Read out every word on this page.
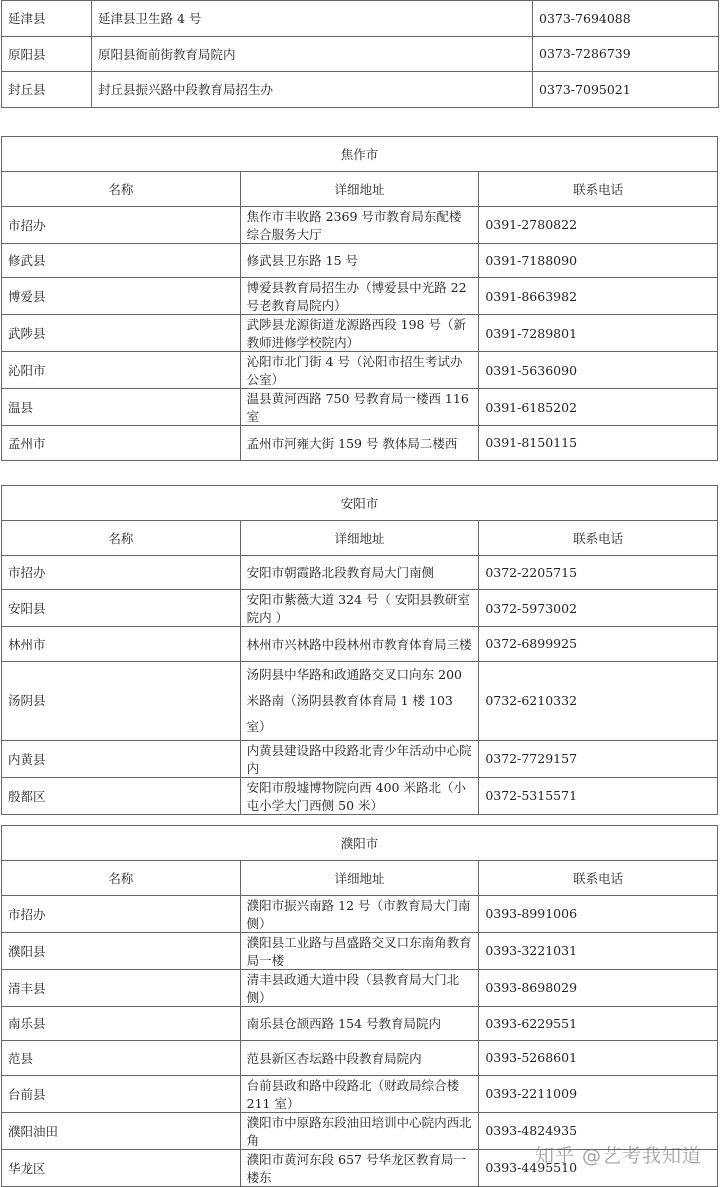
延津县	延津县卫生路 4 号	0373-7694088
原阳县	原阳县衙前街教育局院内	0373-7286739
封丘县	封丘县振兴路中段教育局招生办	0373-7095021
焦作市		
名称	详细地址	联系电话
市招办	焦作市丰收路 2369 号市教育局东配楼综合服务大厅	0391-2780822
修武县	修武县卫东路 15 号	0391-7188090
博爱县	博爱县教育局招生办（博爱县中光路 22 号老教育局院内）	0391-8663982
武陟县	武陟县龙源街道龙源路西段 198 号（新教师进修学校院内）	0391-7289801
沁阳市	沁阳市北门街 4 号（沁阳市招生考试办公室）	0391-5636090
温县	温县黄河西路 750 号教育局一楼西 116 室	0391-6185202
孟州市	孟州市河雍大街 159 号 教体局二楼西	0391-8150115
安阳市		
名称	详细地址	联系电话
市招办	安阳市朝霞路北段教育局大门南侧	0372-2205715
安阳县	安阳市紫薇大道 324 号（ 安阳县教研室院内 ）	0372-5973002
林州市	林州市兴林路中段林州市教育体育局三楼	0372-6899925
汤阴县	汤阴县中华路和政通路交叉口向东 200 米路南（汤阴县教育体育局 1 楼 103 室）	0732-6210332
内黄县	内黄县建设路中段路北青少年活动中心院内	0372-7729157
殷都区	安阳市殷墟博物院向西 400 米路北（小屯小学大门西侧 50 米）	0372-5315571
濮阳市		
名称	详细地址	联系电话
市招办	濮阳市振兴南路 12 号（市教育局大门南侧）	0393-8991006
濮阳县	濮阳县工业路与昌盛路交叉口东南角教育局一楼	0393-3221031
清丰县	清丰县政通大道中段（县教育局大门北侧）	0393-8698029
南乐县	南乐县仓颉西路 154 号教育局院内	0393-6229551
范县	范县新区杏坛路中段教育局院内	0393-5268601
台前县	台前县政和路中段路北（财政局综合楼 211 室）	0393-2211009
濮阳油田	濮阳市中原路东段油田培训中心院内西北角	0393-4824935
华龙区	濮阳市黄河东段 657 号华龙区教育局一楼东	0393-4495510
知乎 @艺考我知道
